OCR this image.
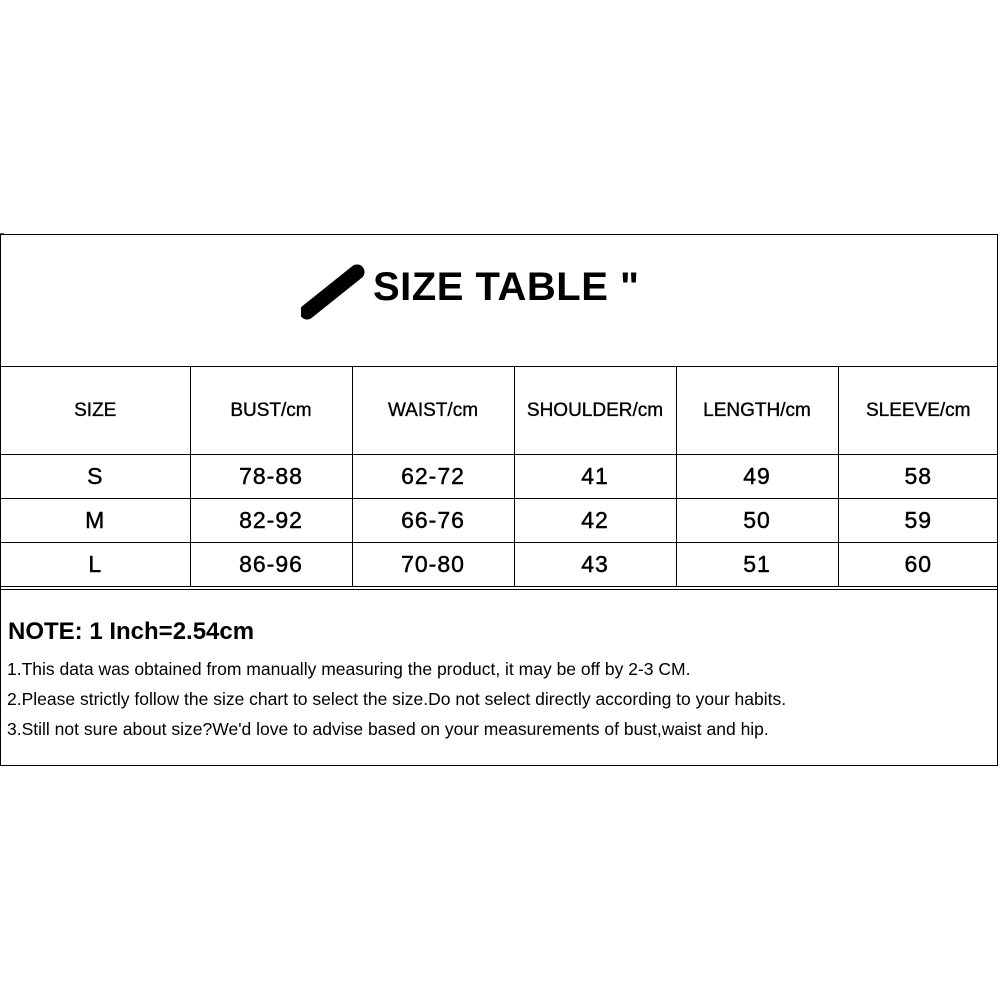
SIZE TABLE "
SIZE	BUST/cm	WAIST/cm	SHOULDER/cm	LENGTH/cm	SLEEVE/cm
S	78-88	62-72	41	49	58
M	82-92	66-76	42	50	59
L	86-96	70-80	43	51	60
NOTE: 1 Inch=2.54cm
1.This data was obtained from manually measuring the product, it may be off by 2-3 CM.
2.Please strictly follow the size chart to select the size.Do not select directly according to your habits.
3.Still not sure about size?We'd love to advise based on your measurements of bust,waist and hip.
